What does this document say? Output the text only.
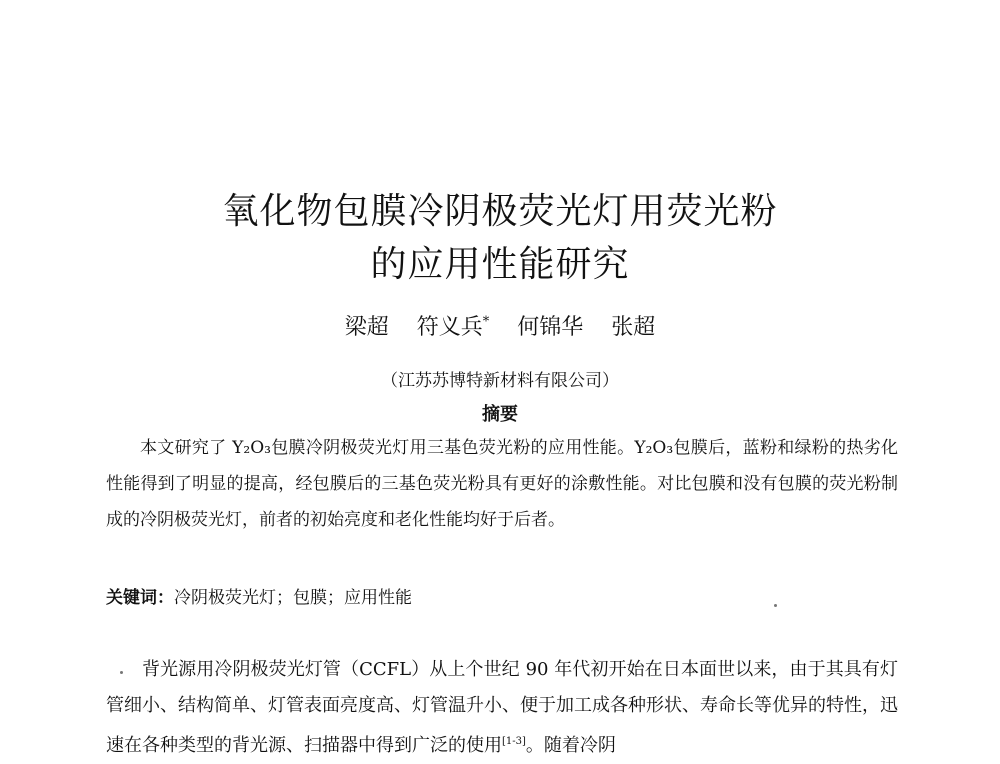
氧化物包膜冷阴极荧光灯用荧光粉
的应用性能研究
梁超 符义兵* 何锦华 张超
（江苏苏博特新材料有限公司）
摘要
本文研究了 Y₂O₃包膜冷阴极荧光灯用三基色荧光粉的应用性能。Y₂O₃包膜后，蓝粉和绿粉的热劣化性能得到了明显的提高，经包膜后的三基色荧光粉具有更好的涂敷性能。对比包膜和没有包膜的荧光粉制成的冷阴极荧光灯，前者的初始亮度和老化性能均好于后者。
关键词：冷阴极荧光灯；包膜；应用性能
背光源用冷阴极荧光灯管（CCFL）从上个世纪 90 年代初开始在日本面世以来，由于其具有灯管细小、结构简单、灯管表面亮度高、灯管温升小、便于加工成各种形状、寿命长等优异的特性，迅速在各种类型的背光源、扫描器中得到广泛的使用[1-3]。随着冷阴
